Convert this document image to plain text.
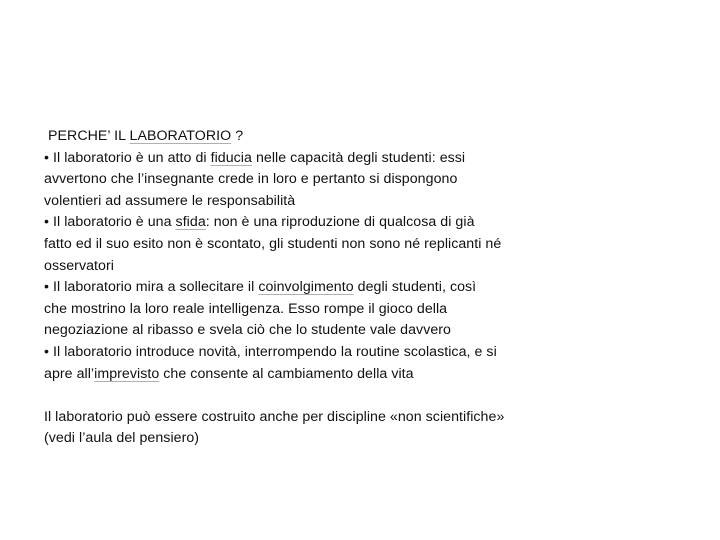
PERCHE’ IL LABORATORIO ?
• Il laboratorio è un atto di fiducia nelle capacità degli studenti: essi
avvertono che l’insegnante crede in loro e pertanto si dispongono
volentieri ad assumere le responsabilità
• Il laboratorio è una sfida: non è una riproduzione di qualcosa di già
fatto ed il suo esito non è scontato, gli studenti non sono né replicanti né
osservatori
• Il laboratorio mira a sollecitare il coinvolgimento degli studenti, così
che mostrino la loro reale intelligenza. Esso rompe il gioco della
negoziazione al ribasso e svela ciò che lo studente vale davvero
• Il laboratorio introduce novità, interrompendo la routine scolastica, e si
apre all’imprevisto che consente al cambiamento della vita
Il laboratorio può essere costruito anche per discipline «non scientifiche»
(vedi l’aula del pensiero)
